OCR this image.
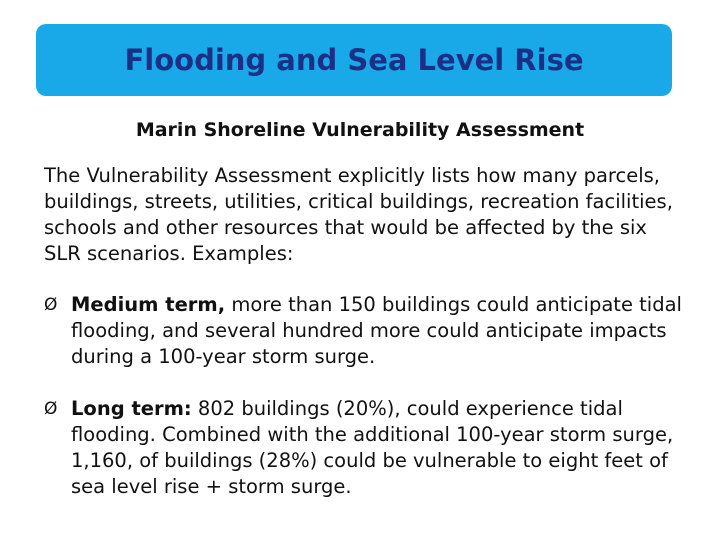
Flooding and Sea Level Rise
Marin Shoreline Vulnerability Assessment
The Vulnerability Assessment explicitly lists how many parcels, buildings, streets, utilities, critical buildings, recreation facilities, schools and other resources that would be affected by the six SLR scenarios. Examples:
Ø Medium term, more than 150 buildings could anticipate tidal flooding, and several hundred more could anticipate impacts during a 100-year storm surge.
Ø Long term: 802 buildings (20%), could experience tidal flooding. Combined with the additional 100-year storm surge, 1,160, of buildings (28%) could be vulnerable to eight feet of sea level rise + storm surge.
